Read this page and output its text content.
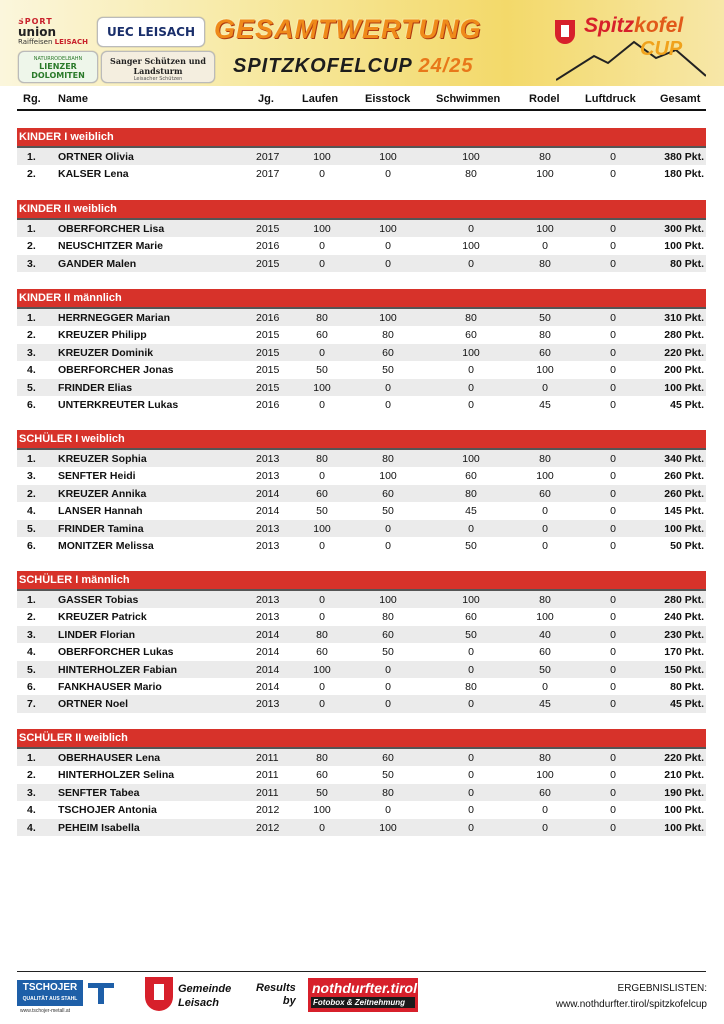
SPORT
union
Raiffeisen LEISACH
UEC LEISACH
NATURRODELBAHN
LIENZER DOLOMITEN
Sanger Schützen und Landsturm
Leisacher Schützen
GESAMTWERTUNG
SPITZKOFELCUP 24/25
Spitzkofel
CUP
Rg. Name	Jg.	Laufen Eisstock Schwimmen	Rodel Luftdruck Gesamt
KINDER I weiblich
1. ORTNER Olivia	2017	100	100	100	80	0	380 Pkt.
2. KALSER Lena	2017	0	0	80	100	0	180 Pkt.
KINDER II weiblich
1. OBERFORCHER Lisa	2015	100	100	0	100	0	300 Pkt.
2. NEUSCHITZER Marie	2016	0	0	100	0	0	100 Pkt.
3. GANDER Malen	2015	0	0	0	80	0	80 Pkt.
KINDER II männlich
1. HERRNEGGER Marian	2016	80	100	80	50	0	310 Pkt.
2. KREUZER Philipp	2015	60	80	60	80	0	280 Pkt.
3. KREUZER Dominik	2015	0	60	100	60	0	220 Pkt.
4. OBERFORCHER Jonas	2015	50	50	0	100	0	200 Pkt.
5. FRINDER Elias	2015	100	0	0	0	0	100 Pkt.
6. UNTERKREUTER Lukas	2016	0	0	0	45	0	45 Pkt.
SCHÜLER I weiblich
1. KREUZER Sophia	2013	80	80	100	80	0	340 Pkt.
3. SENFTER Heidi	2013	0	100	60	100	0	260 Pkt.
2. KREUZER Annika	2014	60	60	80	60	0	260 Pkt.
4. LANSER Hannah	2014	50	50	45	0	0	145 Pkt.
5. FRINDER Tamina	2013	100	0	0	0	0	100 Pkt.
6. MONITZER Melissa	2013	0	0	50	0	0	50 Pkt.
SCHÜLER I männlich
1. GASSER Tobias	2013	0	100	100	80	0	280 Pkt.
2. KREUZER Patrick	2013	0	80	60	100	0	240 Pkt.
3. LINDER Florian	2014	80	60	50	40	0	230 Pkt.
4. OBERFORCHER Lukas	2014	60	50	0	60	0	170 Pkt.
5. HINTERHOLZER Fabian	2014	100	0	0	50	0	150 Pkt.
6. FANKHAUSER Mario	2014	0	0	80	0	0	80 Pkt.
7. ORTNER Noel	2013	0	0	0	45	0	45 Pkt.
SCHÜLER II weiblich
1. OBERHAUSER Lena	2011	80	60	0	80	0	220 Pkt.
2. HINTERHOLZER Selina	2011	60	50	0	100	0	210 Pkt.
3. SENFTER Tabea	2011	50	80	0	60	0	190 Pkt.
4. TSCHOJER Antonia	2012	100	0	0	0	0	100 Pkt.
4. PEHEIM Isabella	2012	0	100	0	0	0	100 Pkt.
TSCHOJER
QUALITÄT AUS STAHL
www.tschojer-metall.at
Gemeinde
Leisach
Results
by
nothdurfter.tirol
Fotobox & Zeitnehmung
ERGEBNISLISTEN:
www.nothdurfter.tirol/spitzkofelcup
